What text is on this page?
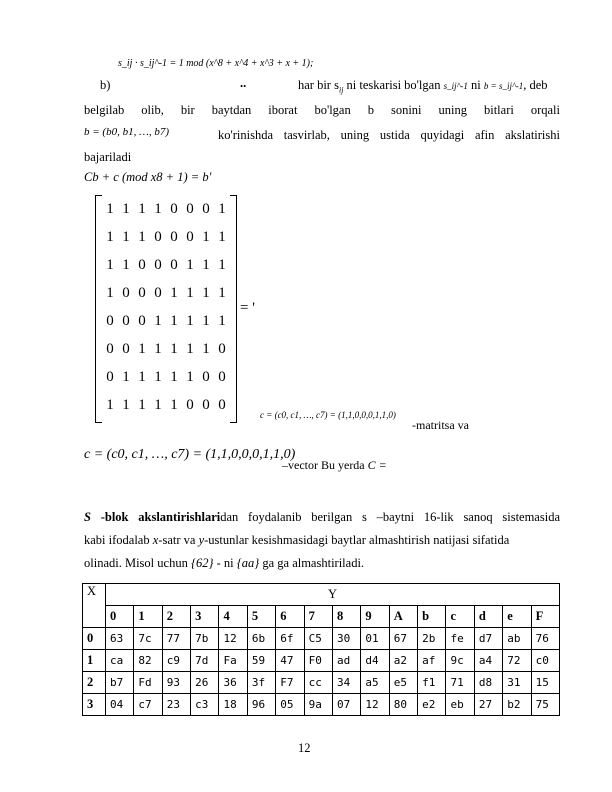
s_ij · s_ij^-1 = 1 mod (x^8 + x^4 + x^3 + x + 1);
b)	..	har bir $s_{ij}$ ni teskarisi bo'lgan s_ij^-1 ni b = s_ij^-1, deb
belgilab olib, bir baytdan iborat bo'lgan b sonini uning bitlari orqali
b = (b0, b1, …, b7)	ko'rinishda tasvirlab, uning ustida quyidagi afin akslatirishi
bajariladi
Cb + c (mod x8 + 1) = b'
1 1 1 1 0 0 0 1
1 1 1 0 0 0 1 1
1 1 0 0 0 1 1 1
1 0 0 0 1 1 1 1
0 0 0 1 1 1 1 1
0 0 1 1 1 1 1 0
0 1 1 1 1 1 0 0
1 1 1 1 1 0 0 0
= '
c = (c0, c1, …, c7) = (1,1,0,0,0,1,1,0)
-matritsa va
c = (c0, c1, …, c7) = (1,1,0,0,0,1,1,0)
–vector Bu yerda C =
S -blok akslantirishlaridan foydalanib berilgan s –baytni 16-lik sanoq sistemasida
kabi ifodalab x-satr va y-ustunlar kesishmasidagi baytlar almashtirish natijasi sifatida
olinadi. Misol uchun {62} - ni {aa} ga ga almashtiriladi.
X	Y															
	0	1	2	3	4	5	6	7	8	9	A	b	c	d	e	F
0	63	7c	77	7b	12	6b	6f	C5	30	01	67	2b	fe	d7	ab	76
1	ca	82	c9	7d	Fa	59	47	F0	ad	d4	a2	af	9c	a4	72	c0
2	b7	Fd	93	26	36	3f	F7	cc	34	a5	e5	f1	71	d8	31	15
3	04	c7	23	c3	18	96	05	9a	07	12	80	e2	eb	27	b2	75
12
